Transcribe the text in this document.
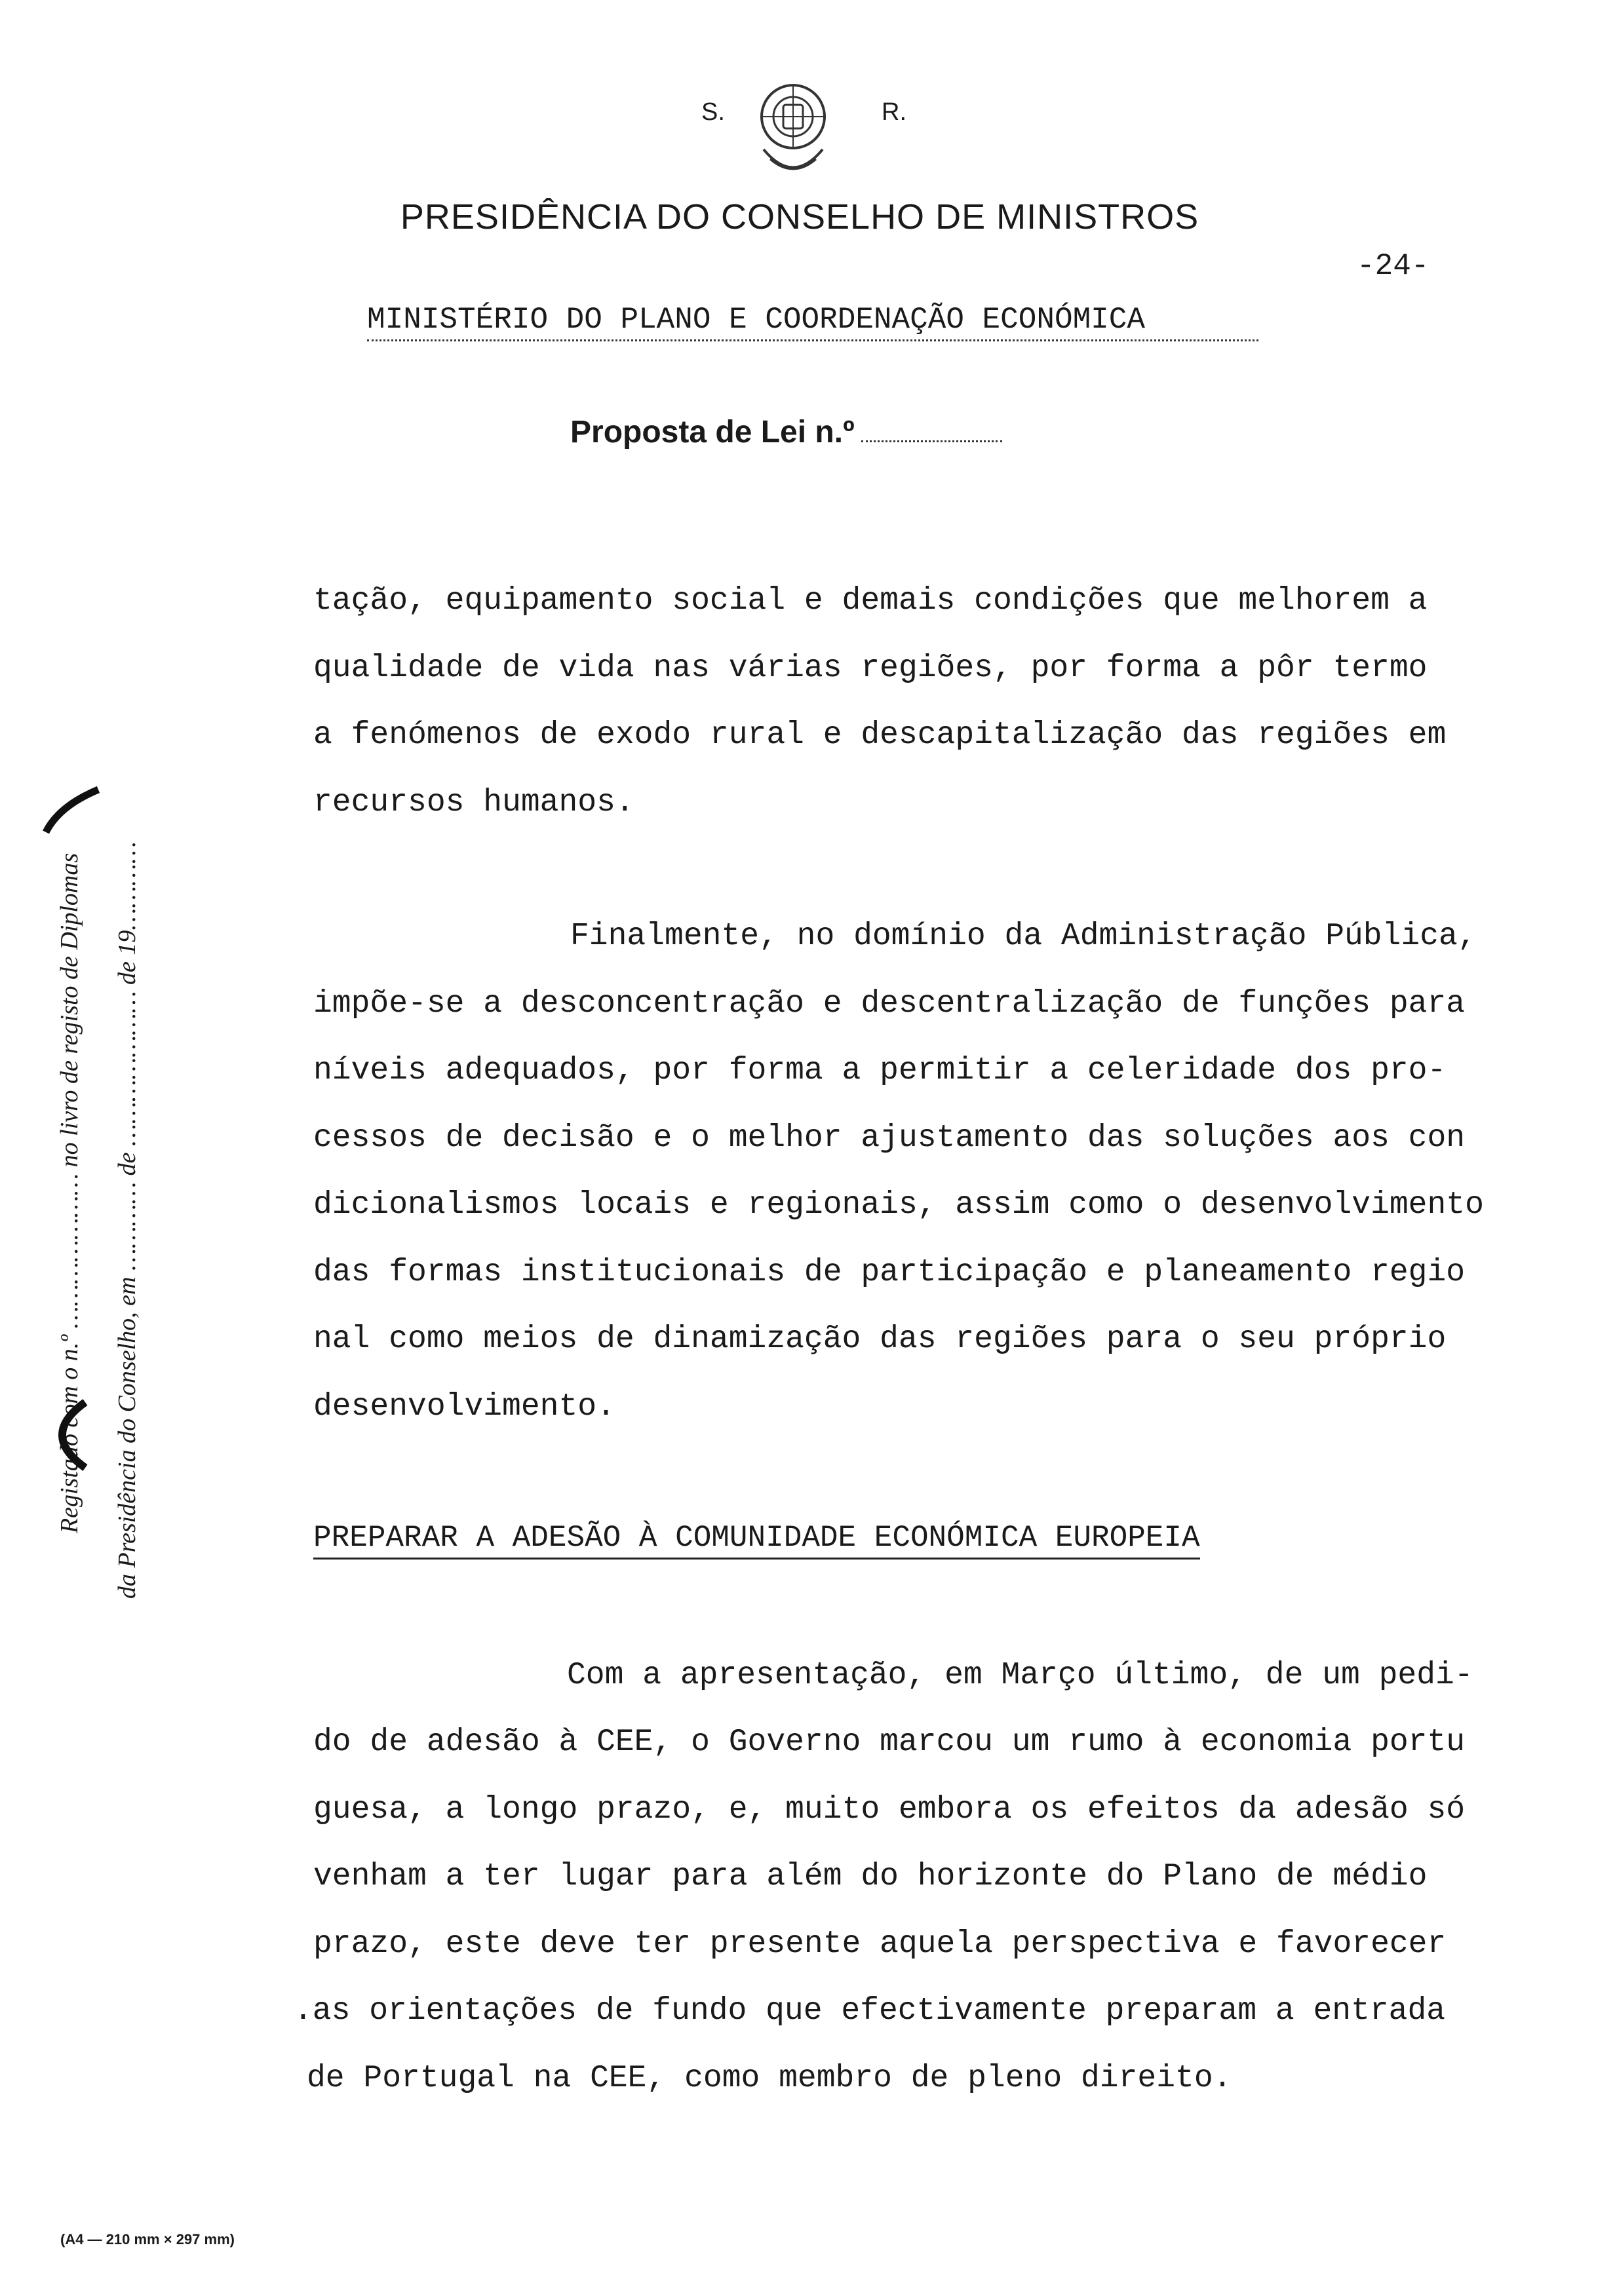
S.	R.
PRESIDÊNCIA DO CONSELHO DE MINISTROS
-24-
MINISTÉRIO DO PLANO E COORDENAÇÃO ECONÓMICA
Proposta de Lei n.º
tação, equipamento social e demais condições que melhorem a
qualidade de vida nas várias regiões, por forma a pôr termo
a fenómenos de exodo rural e descapitalização das regiões em
recursos humanos.
Finalmente, no domínio da Administração Pública,
impõe-se a desconcentração e descentralização de funções para
níveis adequados, por forma a permitir a celeridade dos pro-
cessos de decisão e o melhor ajustamento das soluções aos con
dicionalismos locais e regionais, assim como o desenvolvimento
das formas institucionais de participação e planeamento regio
nal como meios de dinamização das regiões para o seu próprio
desenvolvimento.
PREPARAR A ADESÃO À COMUNIDADE ECONÓMICA EUROPEIA
Com a apresentação, em Março último, de um pedi-
do de adesão à CEE, o Governo marcou um rumo à economia portu
guesa, a longo prazo, e, muito embora os efeitos da adesão só
venham a ter lugar para além do horizonte do Plano de médio
prazo, este deve ter presente aquela perspectiva e favorecer
.as orientações de fundo que efectivamente preparam a entrada
de Portugal na CEE, como membro de pleno direito.
Registado com o n.º ………………… no livro de registo de Diplomas da Presidência do Conselho, em ………… de ………………… de 19…………
(A4 — 210 mm × 297 mm)
